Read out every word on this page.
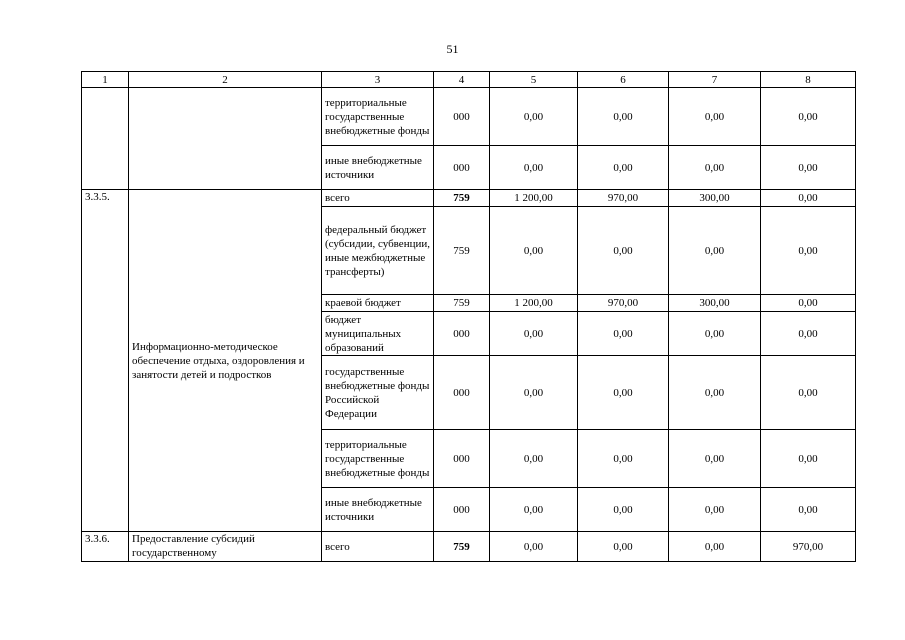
51
1	2	3	4	5	6	7	8
		территориальные государственные внебюджетные фонды	000	0,00	0,00	0,00	0,00
		иные внебюджетные источники	000	0,00	0,00	0,00	0,00
3.3.5.	Информационно-методическое обеспечение отдыха, оздоровления и занятости детей и подростков	всего	759	1 200,00	970,00	300,00	0,00
		федеральный бюджет (субсидии, субвенции, иные межбюджетные трансферты)	759	0,00	0,00	0,00	0,00
		краевой бюджет	759	1 200,00	970,00	300,00	0,00
		бюджет муниципальных образований	000	0,00	0,00	0,00	0,00
		государственные внебюджетные фонды Российской Федерации	000	0,00	0,00	0,00	0,00
		территориальные государственные внебюджетные фонды	000	0,00	0,00	0,00	0,00
		иные внебюджетные источники	000	0,00	0,00	0,00	0,00
3.3.6.	Предоставление субсидий государственному	всего	759	0,00	0,00	0,00	970,00
